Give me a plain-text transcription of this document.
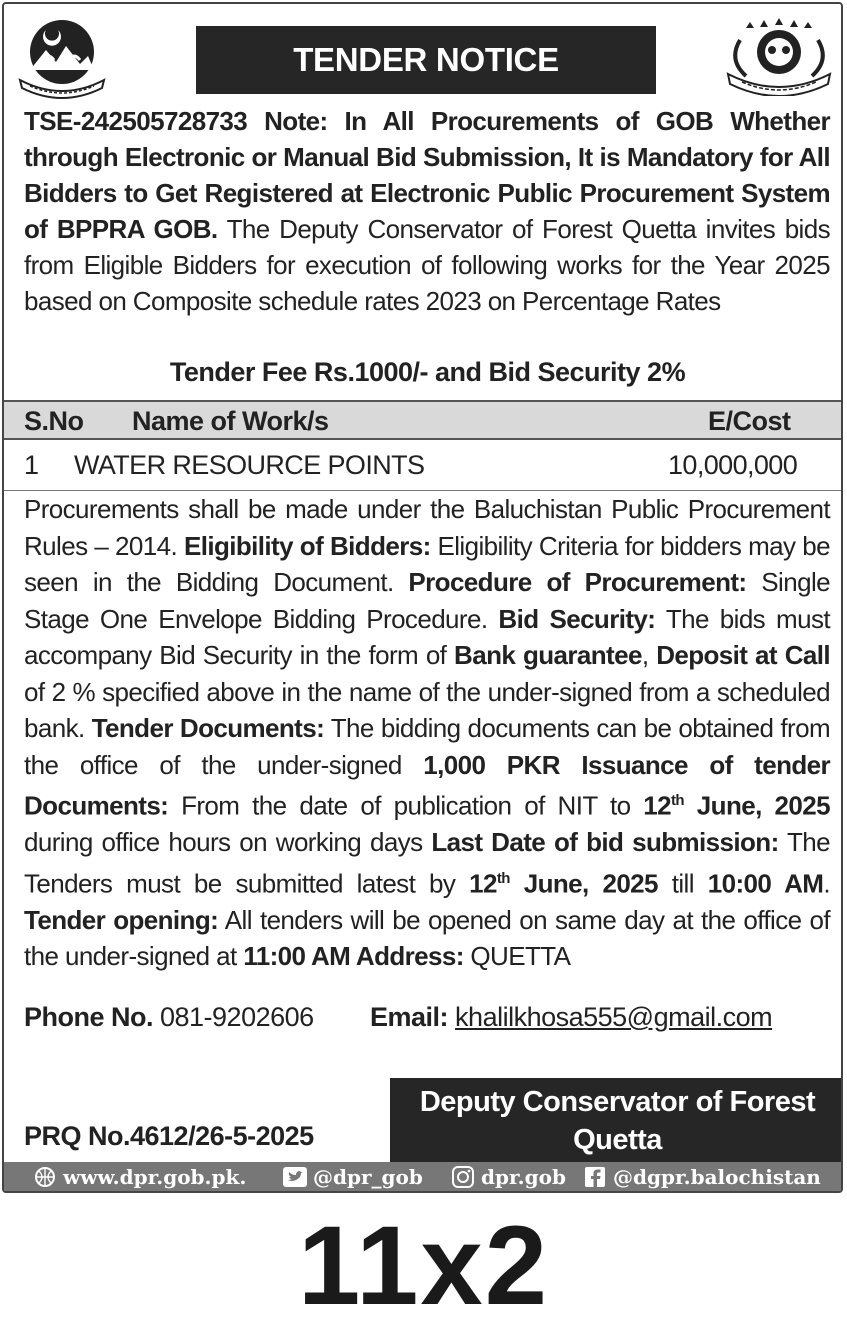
TENDER NOTICE

TSE-242505728733 Note: In All Procurements of GOB Whether through Electronic or Manual Bid Submission, It is Mandatory for All Bidders to Get Registered at Electronic Public Procurement System of BPPRA GOB. The Deputy Conservator of Forest Quetta invites bids from Eligible Bidders for execution of following works for the Year 2025 based on Composite schedule rates 2023 on Percentage Rates

Tender Fee Rs.1000/- and Bid Security 2%
S.No Name of Work/s	E/Cost
1 WATER RESOURCE POINTS	10,000,000

Procurements shall be made under the Baluchistan Public Procurement Rules – 2014. Eligibility of Bidders: Eligibility Criteria for bidders may be seen in the Bidding Document. Procedure of Procurement: Single Stage One Envelope Bidding Procedure. Bid Security: The bids must accompany Bid Security in the form of Bank guarantee, Deposit at Call of 2 % specified above in the name of the under-signed from a scheduled bank. Tender Documents: The bidding documents can be obtained from the office of the under-signed 1,000 PKR Issuance of tender Documents: From the date of publication of NIT to 12th June, 2025 during office hours on working days Last Date of bid submission: The Tenders must be submitted latest by 12th June, 2025 till 10:00 AM. Tender opening: All tenders will be opened on same day at the office of the under-signed at 11:00 AM Address: QUETTA

Phone No. 081-9202606 Email: khalilkhosa555@gmail.com
PRQ No.4612/26-5-2025
Deputy Conservator of Forest
Quetta
www.dpr.gob.pk.	@dpr_gob	dpr.gob @dgpr.balochistan
11x2
